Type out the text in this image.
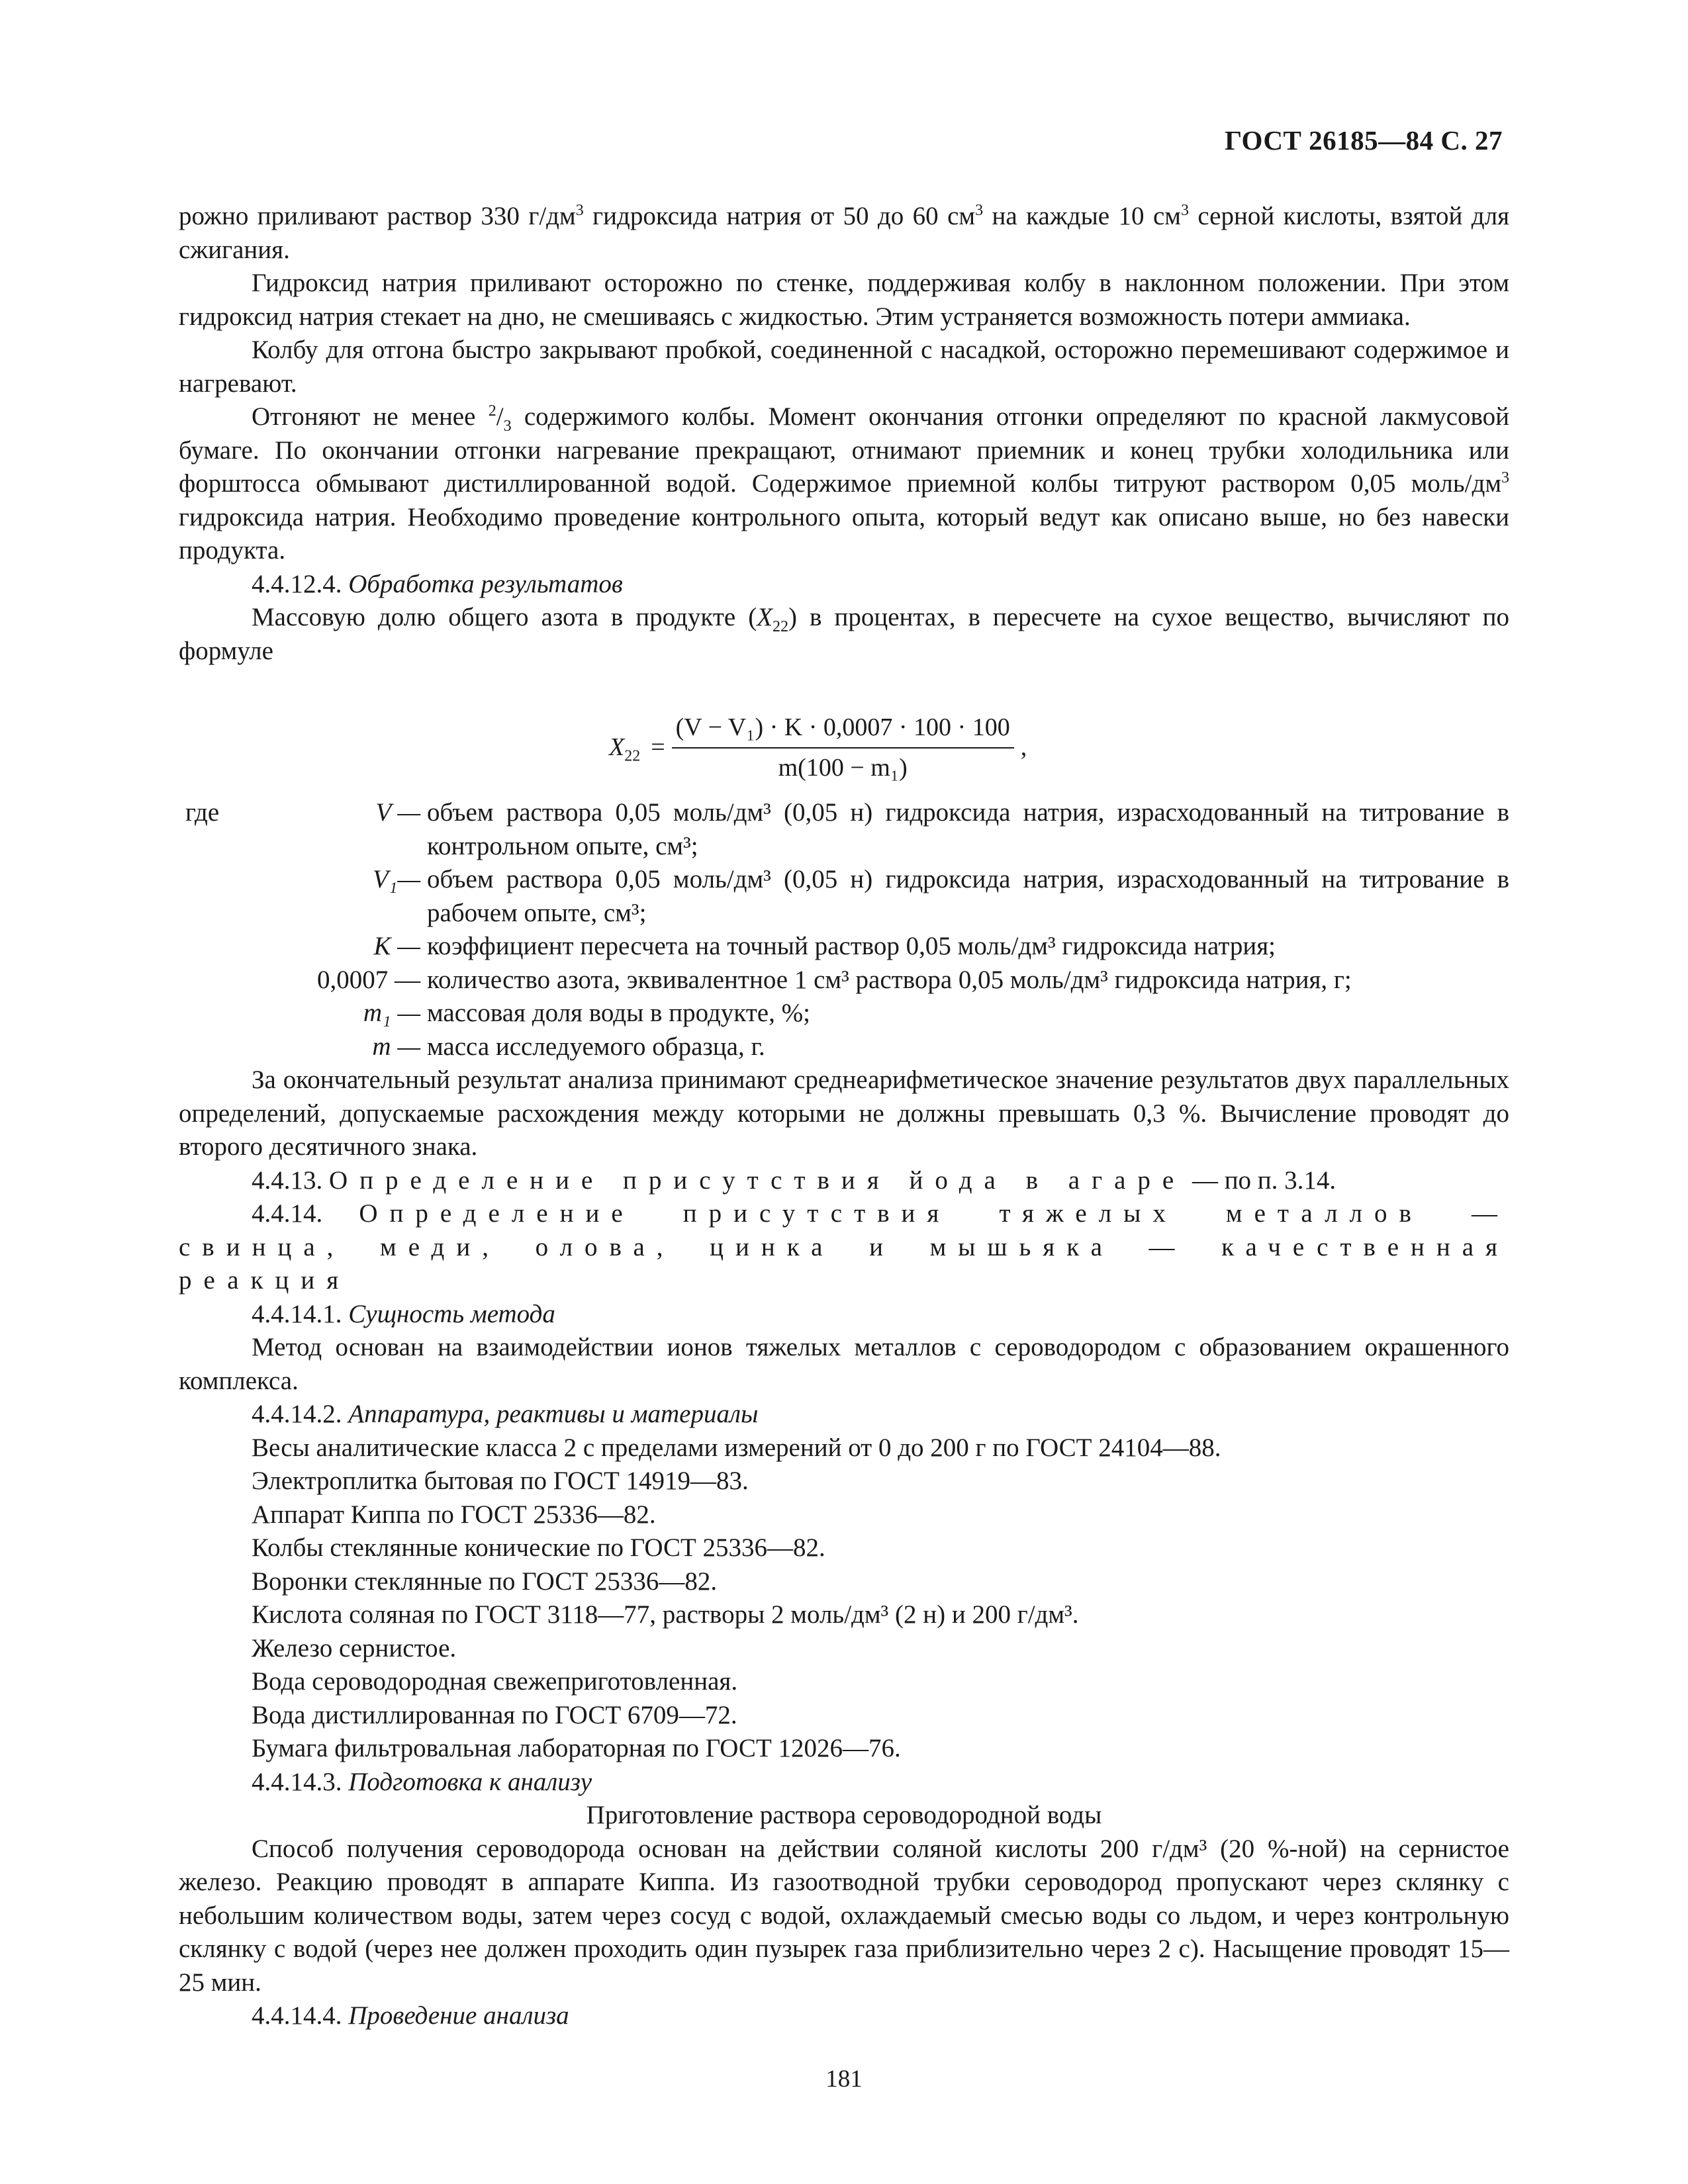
ГОСТ 26185—84 С. 27

рожно приливают раствор 330 $г/дм^3$ гидроксида натрия от 50 до 60 $см^3$ на каждые 10 $см^3$ серной кислоты, взятой для сжигания.

Гидроксид натрия приливают осторожно по стенке, поддерживая колбу в наклонном положении. При этом гидроксид натрия стекает на дно, не смешиваясь с жидкостью. Этим устраняется возможность потери аммиака.

Колбу для отгона быстро закрывают пробкой, соединенной с насадкой, осторожно перемешивают содержимое и нагревают.

Отгоняют не менее $^2/_3$ содержимого колбы. Момент окончания отгонки определяют по красной лакмусовой бумаге. По окончании отгонки нагревание прекращают, отнимают приемник и конец трубки холодильника или форштосса обмывают дистиллированной водой. Содержимое приемной колбы титруют раствором 0,05 моль/$дм^3$ гидроксида натрия. Необходимо проведение контрольного опыта, который ведут как описано выше, но без навески продукта.

4.4.12.4. Обработка результатов

Массовую долю общего азота в продукте $(X_{22})$ в процентах, в пересчете на сухое вещество, вычисляют по формуле

$X_{22} = \frac{\text{(V − V₁) · K · 0,0007 · 100 · 100}}{\text{m(100 − m₁)}}$ ,
где	V — объем раствора 0,05 моль/дм³ (0,05 н) гидроксида натрия, израсходованный на титрование в контрольном опыте, см³;
V₁— объем раствора 0,05 моль/дм³ (0,05 н) гидроксида натрия, израсходованный на титрование в рабочем опыте, см³;
K — коэффициент пересчета на точный раствор 0,05 моль/дм³ гидроксида натрия;
0,0007 — количество азота, эквивалентное 1 см³ раствора 0,05 моль/дм³ гидроксида натрия, г;
m₁ — массовая доля воды в продукте, %;
m — масса исследуемого образца, г.

За окончательный результат анализа принимают среднеарифметическое значение результатов двух параллельных определений, допускаемые расхождения между которыми не должны превышать 0,3 %. Вычисление проводят до второго десятичного знака.

4.4.13. Определение присутствия йода в агаре — по п. 3.14.

4.4.14. Определение присутствия тяжелых металлов — свинца, меди, олова, цинка и мышьяка — качественная реакция

4.4.14.1. Сущность метода

Метод основан на взаимодействии ионов тяжелых металлов с сероводородом с образованием окрашенного комплекса.

4.4.14.2. Аппаратура, реактивы и материалы

Весы аналитические класса 2 с пределами измерений от 0 до 200 г по ГОСТ 24104—88.

Электроплитка бытовая по ГОСТ 14919—83.

Аппарат Киппа по ГОСТ 25336—82.

Колбы стеклянные конические по ГОСТ 25336—82.

Воронки стеклянные по ГОСТ 25336—82.

Кислота соляная по ГОСТ 3118—77, растворы 2 моль/дм³ (2 н) и 200 г/дм³.

Железо сернистое.

Вода сероводородная свежеприготовленная.

Вода дистиллированная по ГОСТ 6709—72.

Бумага фильтровальная лабораторная по ГОСТ 12026—76.

4.4.14.3. Подготовка к анализу

Приготовление раствора сероводородной воды

Способ получения сероводорода основан на действии соляной кислоты 200 г/дм³ (20 %-ной) на сернистое железо. Реакцию проводят в аппарате Киппа. Из газоотводной трубки сероводород пропускают через склянку с небольшим количеством воды, затем через сосуд с водой, охлаждаемый смесью воды со льдом, и через контрольную склянку с водой (через нее должен проходить один пузырек газа приблизительно через 2 с). Насыщение проводят 15—25 мин.

4.4.14.4. Проведение анализа

181
